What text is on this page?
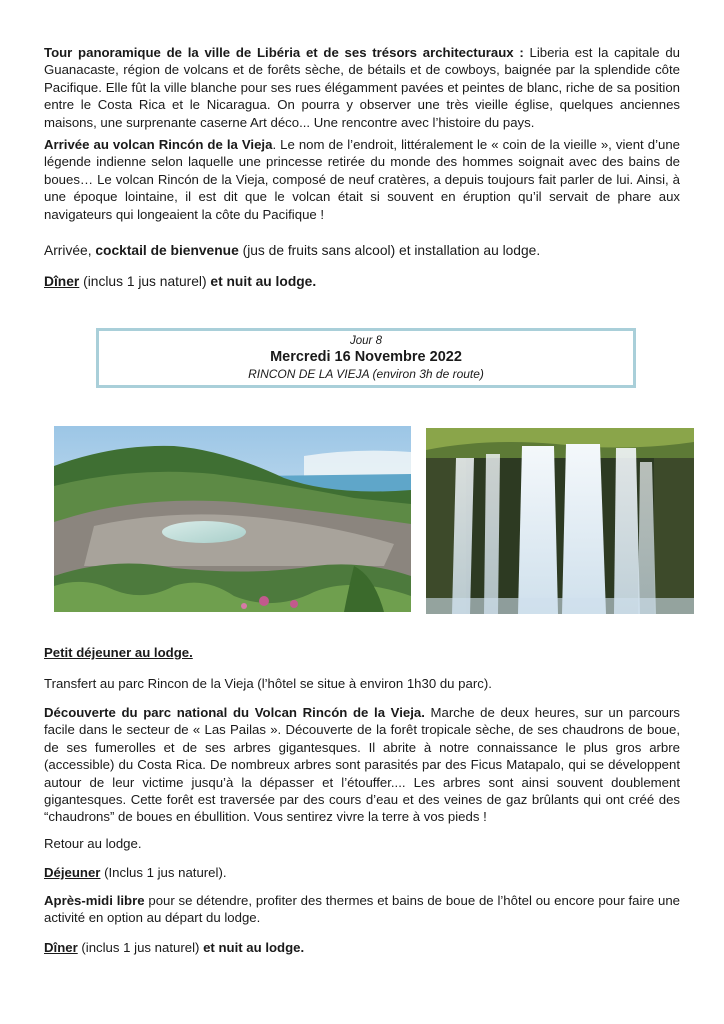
Tour panoramique de la ville de Libéria et de ses trésors architecturaux : Liberia est la capitale du Guanacaste, région de volcans et de forêts sèche, de bétails et de cowboys, baignée par la splendide côte Pacifique. Elle fût la ville blanche pour ses rues élégamment pavées et peintes de blanc, riche de sa position entre le Costa Rica et le Nicaragua. On pourra y observer une très vieille église, quelques anciennes maisons, une surprenante caserne Art déco... Une rencontre avec l’histoire du pays.

Arrivée au volcan Rincón de la Vieja. Le nom de l’endroit, littéralement le « coin de la vieille », vient d’une légende indienne selon laquelle une princesse retirée du monde des hommes soignait avec des bains de boues… Le volcan Rincón de la Vieja, composé de neuf cratères, a depuis toujours fait parler de lui. Ainsi, à une époque lointaine, il est dit que le volcan était si souvent en éruption qu’il servait de phare aux navigateurs qui longeaient la côte du Pacifique !

Arrivée, cocktail de bienvenue (jus de fruits sans alcool) et installation au lodge.

Dîner (inclus 1 jus naturel) et nuit au lodge.

Jour 8
Mercredi 16 Novembre 2022
RINCON DE LA VIEJA (environ 3h de route)

Petit déjeuner au lodge.

Transfert au parc Rincon de la Vieja (l’hôtel se situe à environ 1h30 du parc).

Découverte du parc national du Volcan Rincón de la Vieja. Marche de deux heures, sur un parcours facile dans le secteur de « Las Pailas ». Découverte de la forêt tropicale sèche, de ses chaudrons de boue, de ses fumerolles et de ses arbres gigantesques. Il abrite à notre connaissance le plus gros arbre (accessible) du Costa Rica. De nombreux arbres sont parasités par des Ficus Matapalo, qui se développent autour de leur victime jusqu’à la dépasser et l’étouffer.... Les arbres sont ainsi souvent doublement gigantesques. Cette forêt est traversée par des cours d’eau et des veines de gaz brûlants qui ont créé des “chaudrons” de boues en ébullition. Vous sentirez vivre la terre à vos pieds !

Retour au lodge.

Déjeuner (Inclus 1 jus naturel).

Après-midi libre pour se détendre, profiter des thermes et bains de boue de l’hôtel ou encore pour faire une activité en option au départ du lodge.

Dîner (inclus 1 jus naturel) et nuit au lodge.
